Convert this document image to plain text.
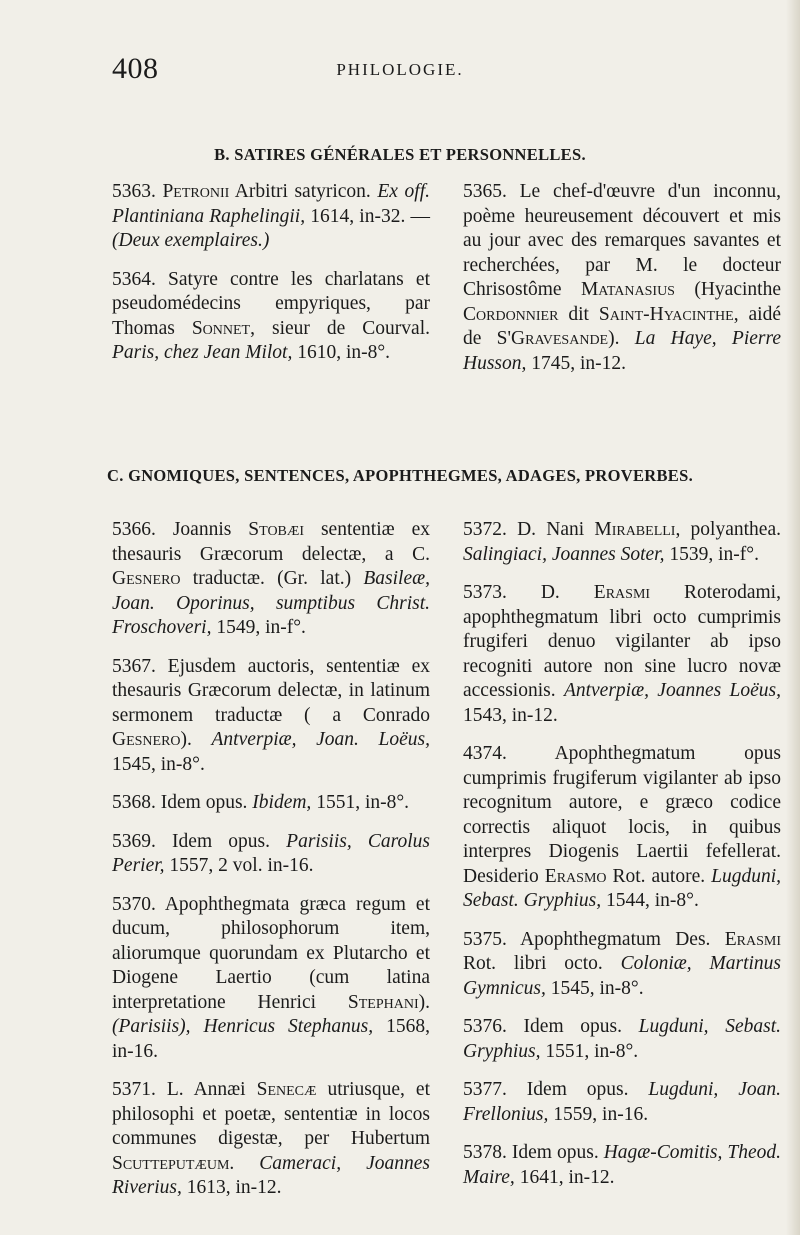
408	PHILOLOGIE.
B. SATIRES GÉNÉRALES ET PERSONNELLES.

5363. Petronii Arbitri satyricon. Ex off. Plantiniana Raphelingii, 1614, in-32. — (Deux exemplaires.)

5364. Satyre contre les charlatans et pseudomédecins empyriques, par Thomas Sonnet, sieur de Courval. Paris, chez Jean Milot, 1610, in-8°.

5365. Le chef-d'œuvre d'un inconnu, poème heureusement découvert et mis au jour avec des remarques savantes et recherchées, par M. le docteur Chrisostôme Matanasius (Hyacinthe Cordonnier dit Saint-Hyacinthe, aidé de S'Gravesande). La Haye, Pierre Husson, 1745, in-12.

C. GNOMIQUES, SENTENCES, APOPHTHEGMES, ADAGES, PROVERBES.

5366. Joannis Stobæi sententiæ ex thesauris Græcorum delectæ, a C. Gesnero traductæ. (Gr. lat.) Basileæ, Joan. Oporinus, sumptibus Christ. Froschoveri, 1549, in-f°.

5367. Ejusdem auctoris, sententiæ ex thesauris Græcorum delectæ, in latinum sermonem traductæ ( a Conrado Gesnero). Antverpiæ, Joan. Loëus, 1545, in-8°.

5368. Idem opus. Ibidem, 1551, in-8°.

5369. Idem opus. Parisiis, Carolus Perier, 1557, 2 vol. in-16.

5370. Apophthegmata græca regum et ducum, philosophorum item, aliorumque quorundam ex Plutarcho et Diogene Laertio (cum latina interpretatione Henrici Stephani). (Parisiis), Henricus Stephanus, 1568, in-16.

5371. L. Annæi Senecæ utriusque, et philosophi et poetæ, sententiæ in locos communes digestæ, per Hubertum Scutteputæum. Cameraci, Joannes Riverius, 1613, in-12.

5372. D. Nani Mirabelli, polyanthea. Salingiaci, Joannes Soter, 1539, in-f°.

5373. D. Erasmi Roterodami, apophthegmatum libri octo cumprimis frugiferi denuo vigilanter ab ipso recogniti autore non sine lucro novæ accessionis. Antverpiæ, Joannes Loëus, 1543, in-12.

4374. Apophthegmatum opus cumprimis frugiferum vigilanter ab ipso recognitum autore, e græco codice correctis aliquot locis, in quibus interpres Diogenis Laertii fefellerat. Desiderio Erasmo Rot. autore. Lugduni, Sebast. Gryphius, 1544, in-8°.

5375. Apophthegmatum Des. Erasmi Rot. libri octo. Coloniæ, Martinus Gymnicus, 1545, in-8°.

5376. Idem opus. Lugduni, Sebast. Gryphius, 1551, in-8°.

5377. Idem opus. Lugduni, Joan. Frellonius, 1559, in-16.

5378. Idem opus. Hagæ-Comitis, Theod. Maire, 1641, in-12.
